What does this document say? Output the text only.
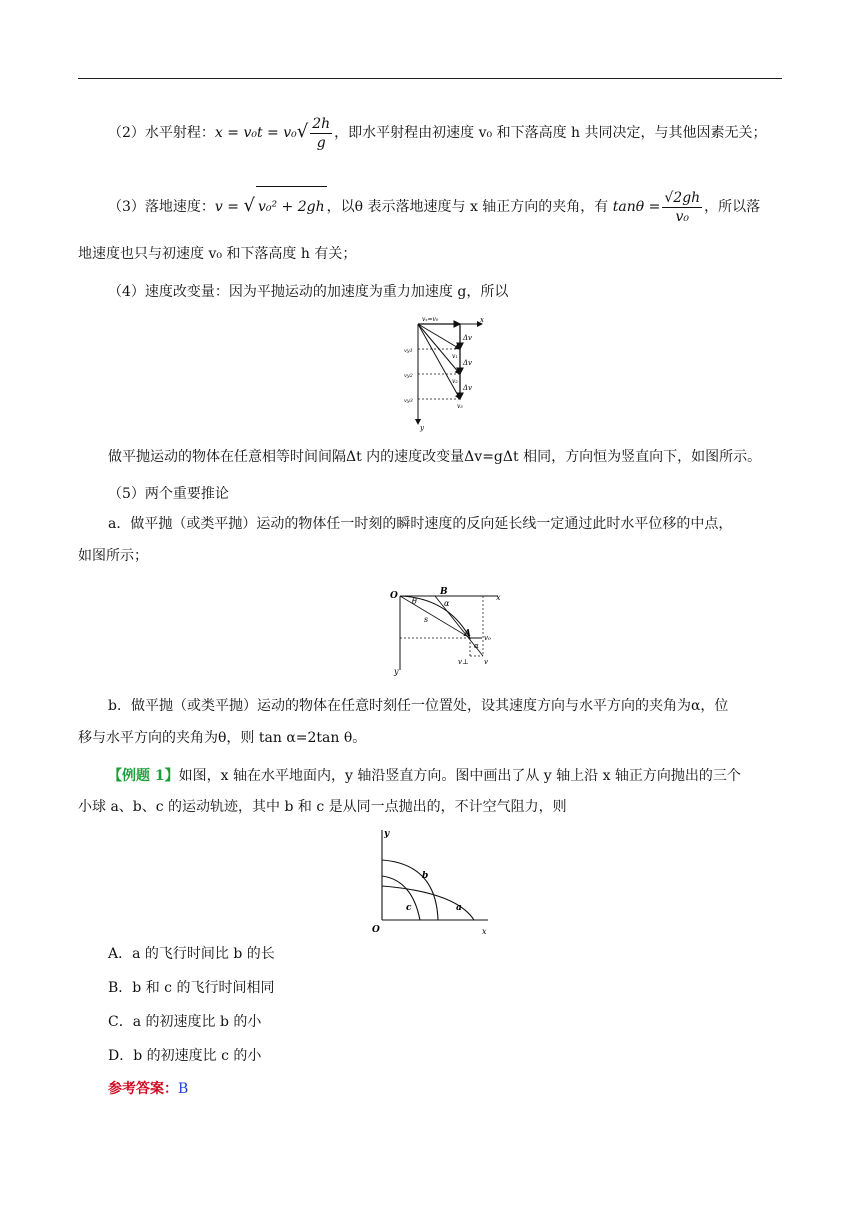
（2）水平射程：$x = v_0t = v_0√ \frac{2h}{g}$ ，即水平射程由初速度 v₀ 和下落高度 h 共同决定，与其他因素无关；
（3）落地速度：v = √ v₀² + 2gh ，以θ 表示落地速度与 x 轴正方向的夹角，有 $\tan\theta = \frac{√2gh}{\text{v₀}}$ ，所以落
地速度也只与初速度 v₀ 和下落高度 h 有关；
（4）速度改变量：因为平抛运动的加速度为重力加速度 g，所以
vₓ=v₀	x
y
Δv
Δv
Δv
v₁
v₂
v₃
vy1
vy2
vy3
做平抛运动的物体在任意相等时间间隔Δt 内的速度改变量Δv=gΔt 相同，方向恒为竖直向下，如图所示。
（5）两个重要推论
a．做平抛（或类平抛）运动的物体任一时刻的瞬时速度的反向延长线一定通过此时水平位移的中点，
如图所示；
O	B
α
θ
s
A
α
v₀
v⊥ v
x
y
b．做平抛（或类平抛）运动的物体在任意时刻任一位置处，设其速度方向与水平方向的夹角为α，位
移与水平方向的夹角为θ，则 tan α=2tan θ。
【例题 1】如图，x 轴在水平地面内，y 轴沿竖直方向。图中画出了从 y 轴上沿 x 轴正方向抛出的三个
小球 a、b、c 的运动轨迹，其中 b 和 c 是从同一点抛出的，不计空气阻力，则
y
O	x
b
a
c
A．a 的飞行时间比 b 的长
B．b 和 c 的飞行时间相同
C．a 的初速度比 b 的小
D．b 的初速度比 c 的小
参考答案：B
